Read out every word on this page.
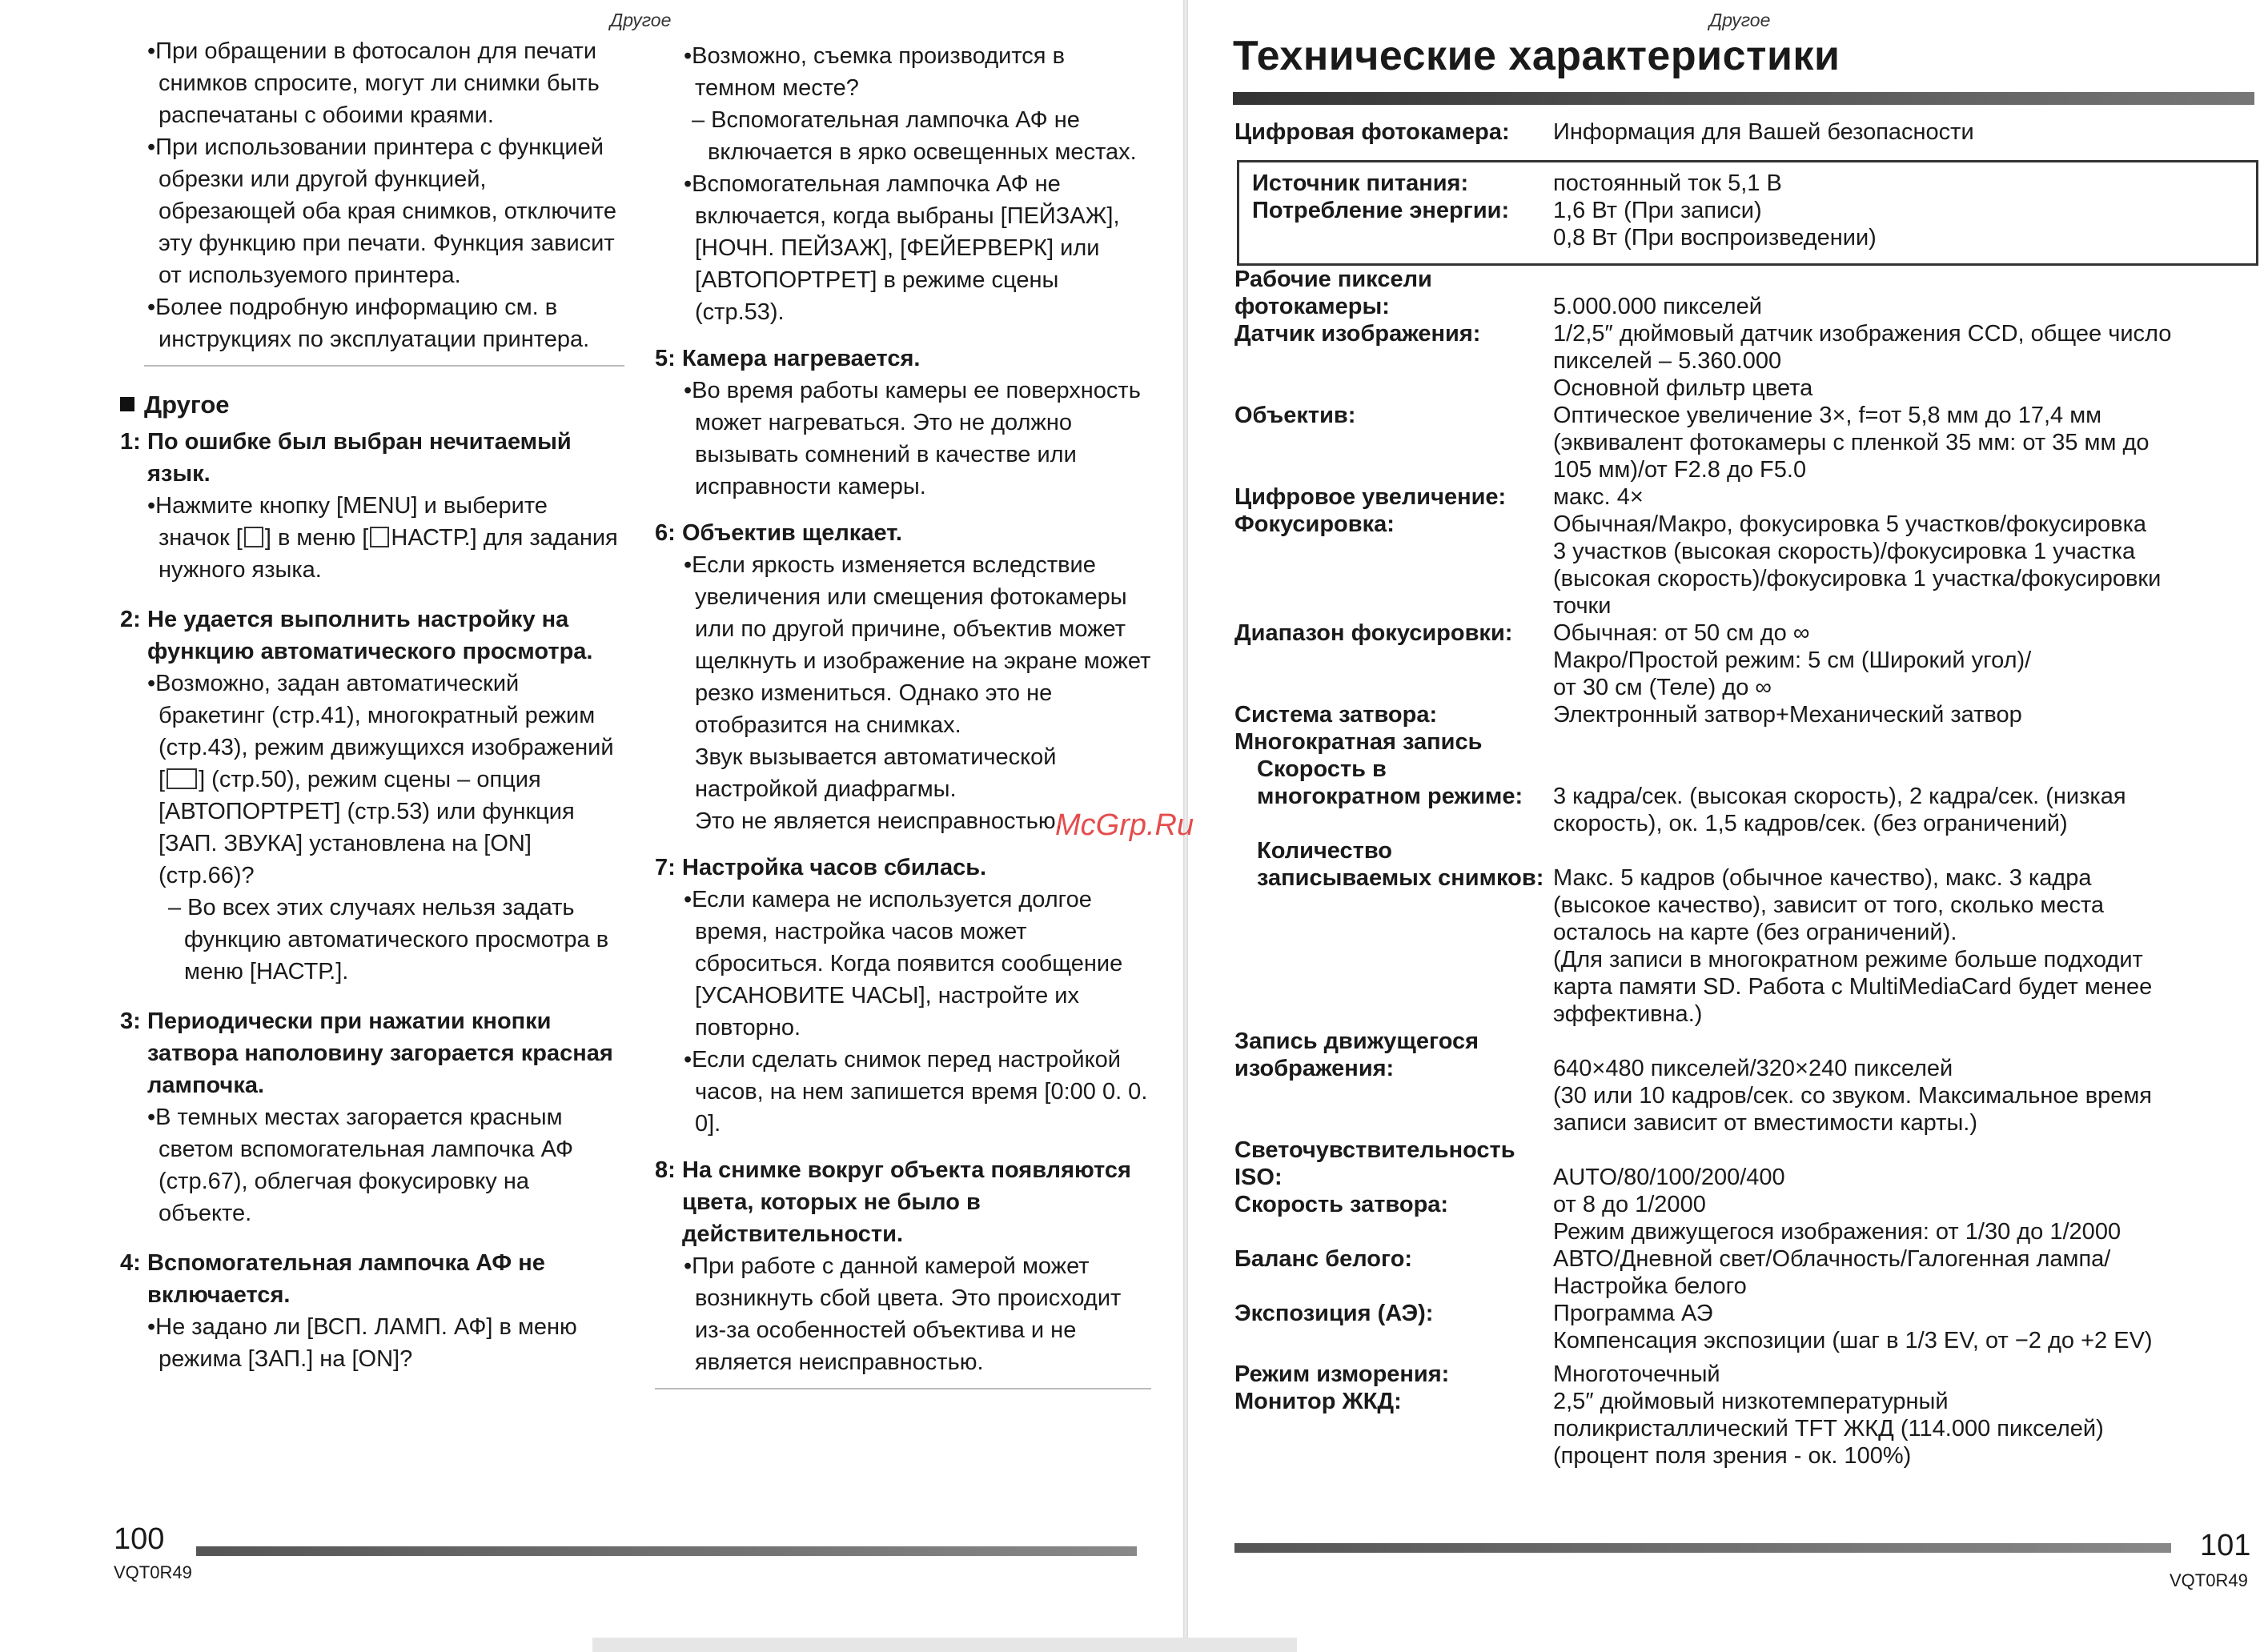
Другое	Другое

• При обращении в фотосалон для печати снимков спросите, могут ли снимки быть распечатаны с обоими краями.

• При использовании принтера с функцией обрезки или другой функцией, обрезающей оба края снимков, отключите эту функцию при печати. Функция зависит от используемого принтера.

• Более подробную информацию см. в инструкциях по эксплуатации принтера.

Другое

1: По ошибке был выбран нечитаемый язык.

• Нажмите кнопку [MENU] и выберите значок [ ] в меню [ НАСТР.] для задания нужного языка.

2: Не удается выполнить настройку на функцию автоматического просмотра.

• Возможно, задан автоматический бракетинг (стр.41), многократный режим (стр.43), режим движущихся изображений [ ] (стр.50), режим сцены – опция [АВТОПОРТРЕТ] (стр.53) или функция [ЗАП. ЗВУКА] установлена на [ON] (стр.66)?

– Во всех этих случаях нельзя задать функцию автоматического просмотра в меню [НАСТР.].

3: Периодически при нажатии кнопки затвора наполовину загорается красная лампочка.

• В темных местах загорается красным светом вспомогательная лампочка АФ (стр.67), облегчая фокусировку на объекте.

4: Вспомогательная лампочка АФ не включается.

• Не задано ли [ВСП. ЛАМП. АФ] в меню режима [ЗАП.] на [ON]?

• Возможно, съемка производится в темном месте?

– Вспомогательная лампочка АФ не включается в ярко освещенных местах.

• Вспомогательная лампочка АФ не включается, когда выбраны [ПЕЙЗАЖ], [НОЧН. ПЕЙЗАЖ], [ФЕЙЕРВЕРК] или [АВТОПОРТРЕТ] в режиме сцены (стр.53).

5: Камера нагревается.

• Во время работы камеры ее поверхность может нагреваться. Это не должно вызывать сомнений в качестве или исправности камеры.

6: Объектив щелкает.

• Если яркость изменяется вследствие увеличения или смещения фотокамеры или по другой причине, объектив может щелкнуть и изображение на экране может резко измениться. Однако это не отобразится на снимках.

Звук вызывается автоматической настройкой диафрагмы.

Это не является неисправностью.

7: Настройка часов сбилась.

• Если камера не используется долгое время, настройка часов может сброситься. Когда появится сообщение [УСАНОВИТЕ ЧАСЫ], настройте их повторно.

• Если сделать снимок перед настройкой часов, на нем запишется время [0:00 0. 0. 0].

8: На снимке вокруг объекта появляются цвета, которых не было в действительности.

• При работе с данной камерой может возникнуть сбой цвета. Это происходит из-за особенностей объектива и не является неисправностью.

McGrp.Ru
100
VQT0R49
Технические характеристики
Цифровая фотокамера:	Информация для Вашей безопасности
Источник питания:	постоянный ток 5,1 В
Потребление энергии:	1,6 Вт (При записи)
0,8 Вт (При воспроизведении)
Рабочие пиксели
фотокамеры:	5.000.000 пикселей
Датчик изображения:	1/2,5″ дюймовый датчик изображения CCD, общее число
пикселей – 5.360.000
Основной фильтр цвета
Объектив:	Оптическое увеличение 3×, f=от 5,8 мм до 17,4 мм
(эквивалент фотокамеры с пленкой 35 мм: от 35 мм до
105 мм)/от F2.8 до F5.0
Цифровое увеличение:	макс. 4×
Фокусировка:	Обычная/Макро, фокусировка 5 участков/фокусировка
3 участков (высокая скорость)/фокусировка 1 участка
(высокая скорость)/фокусировка 1 участка/фокусировки
точки
Диапазон фокусировки:	Обычная: от 50 см до ∞
Макро/Простой режим: 5 см (Широкий угол)/
от 30 см (Теле) до ∞
Система затвора:	Электронный затвор+Механический затвор
Многократная запись
Скорость в
многократном режиме:	3 кадра/сек. (высокая скорость), 2 кадра/сек. (низкая
скорость), ок. 1,5 кадров/сек. (без ограничений)
Количество
записываемых снимков: Макс. 5 кадров (обычное качество), макс. 3 кадра
(высокое качество), зависит от того, сколько места
осталось на карте (без ограничений).
(Для записи в многократном режиме больше подходит
карта памяти SD. Работа с MultiMediaCard будет менее
эффективна.)
Запись движущегося
изображения:	640×480 пикселей/320×240 пикселей
(30 или 10 кадров/сек. со звуком. Максимальное время
записи зависит от вместимости карты.)
Светочувствительность
ISO:	AUTO/80/100/200/400
Скорость затвора:	от 8 до 1/2000
Режим движущегося изображения: от 1/30 до 1/2000
Баланс белого:	АВТО/Дневной свет/Облачность/Галогенная лампа/
Настройка белого
Экспозиция (АЭ):	Программа АЭ
Компенсация экспозиции (шаг в 1/3 EV, от −2 до +2 EV)
Режим изморения:	Многоточечный
Монитор ЖКД:	2,5″ дюймовый низкотемпературный
поликристаллический TFT ЖКД (114.000 пикселей)
(процент поля зрения - ок. 100%)
101
VQT0R49
